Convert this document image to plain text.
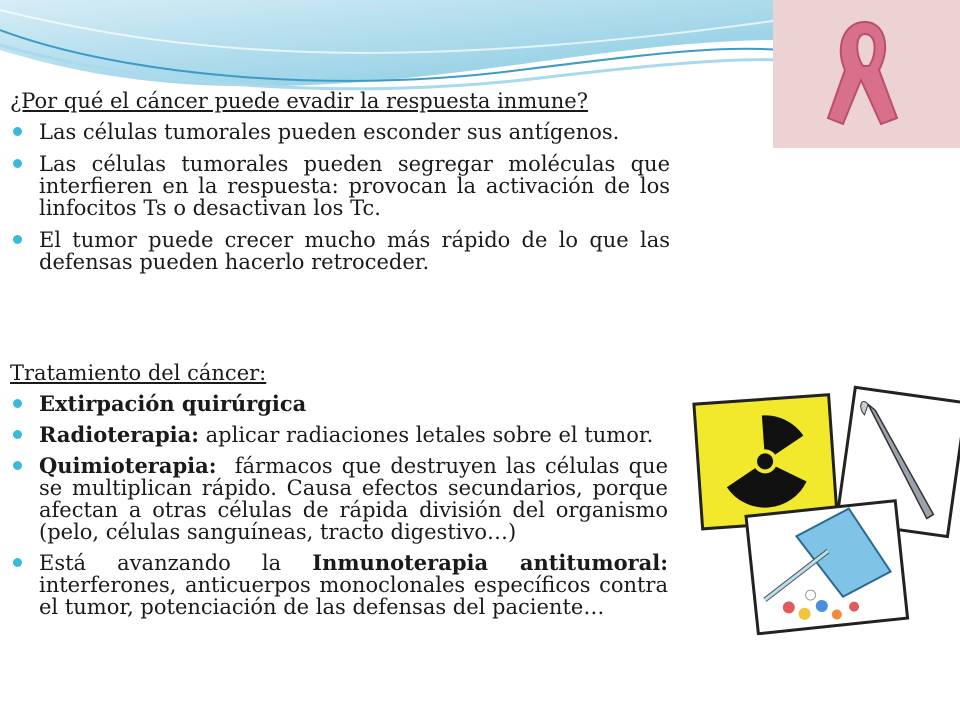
¿Por qué el cáncer puede evadir la respuesta inmune?
Las células tumorales pueden esconder sus antígenos.
Las células tumorales pueden segregar moléculas que interfieren en la respuesta: provocan la activación de los linfocitos Ts o desactivan los Tc.
El tumor puede crecer mucho más rápido de lo que las defensas pueden hacerlo retroceder.
Tratamiento del cáncer:
Extirpación quirúrgica
Radioterapia: aplicar radiaciones letales sobre el tumor.
Quimioterapia:  fármacos que destruyen las células que se multiplican rápido. Causa efectos secundarios, porque afectan a otras células de rápida división del organismo (pelo, células sanguíneas, tracto digestivo…)
Está avanzando la Inmunoterapia antitumoral: interferones, anticuerpos monoclonales específicos contra el tumor, potenciación de las defensas del paciente…
